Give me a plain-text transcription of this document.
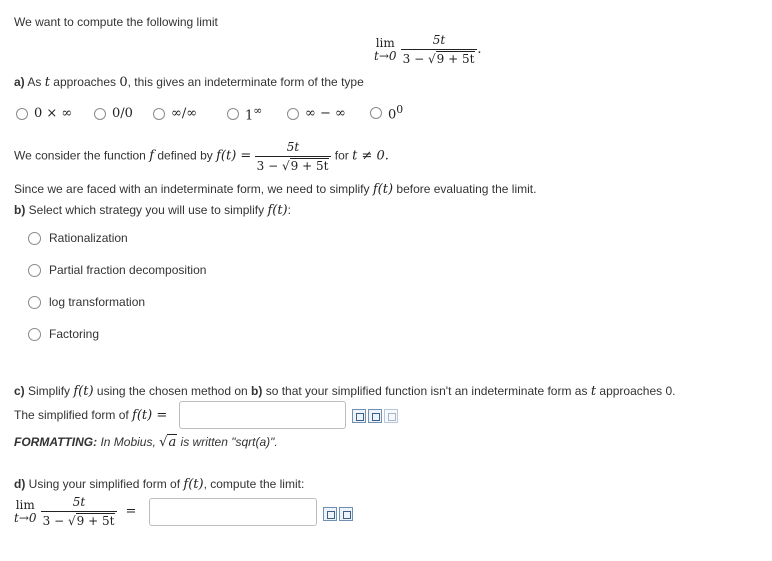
We want to compute the following limit
lim
t→0
$\frac{5t}{3 - √9 + 5t}$ .
a) As t approaches 0, this gives an indeterminate form of the type
0 × ∞	0/0	∞/∞	1∞	∞ − ∞	$0^0$
We consider the function f defined by $f(t) = \frac{5t}{3 - √9 + 5t}$ for t ≠ 0.
Since we are faced with an indeterminate form, we need to simplify f(t) before evaluating the limit.
b) Select which strategy you will use to simplify f(t):
Rationalization
Partial fraction decomposition
log transformation
Factoring
c) Simplify f(t) using the chosen method on b) so that your simplified function isn't an indeterminate form as t approaches 0.
The simplified form of f(t) =
FORMATTING: In Mobius, √a is written "sqrt(a)".
d) Using your simplified form of f(t), compute the limit:
lim
t→0
$\frac{5t}{3 - √9 + 5t}$ =
